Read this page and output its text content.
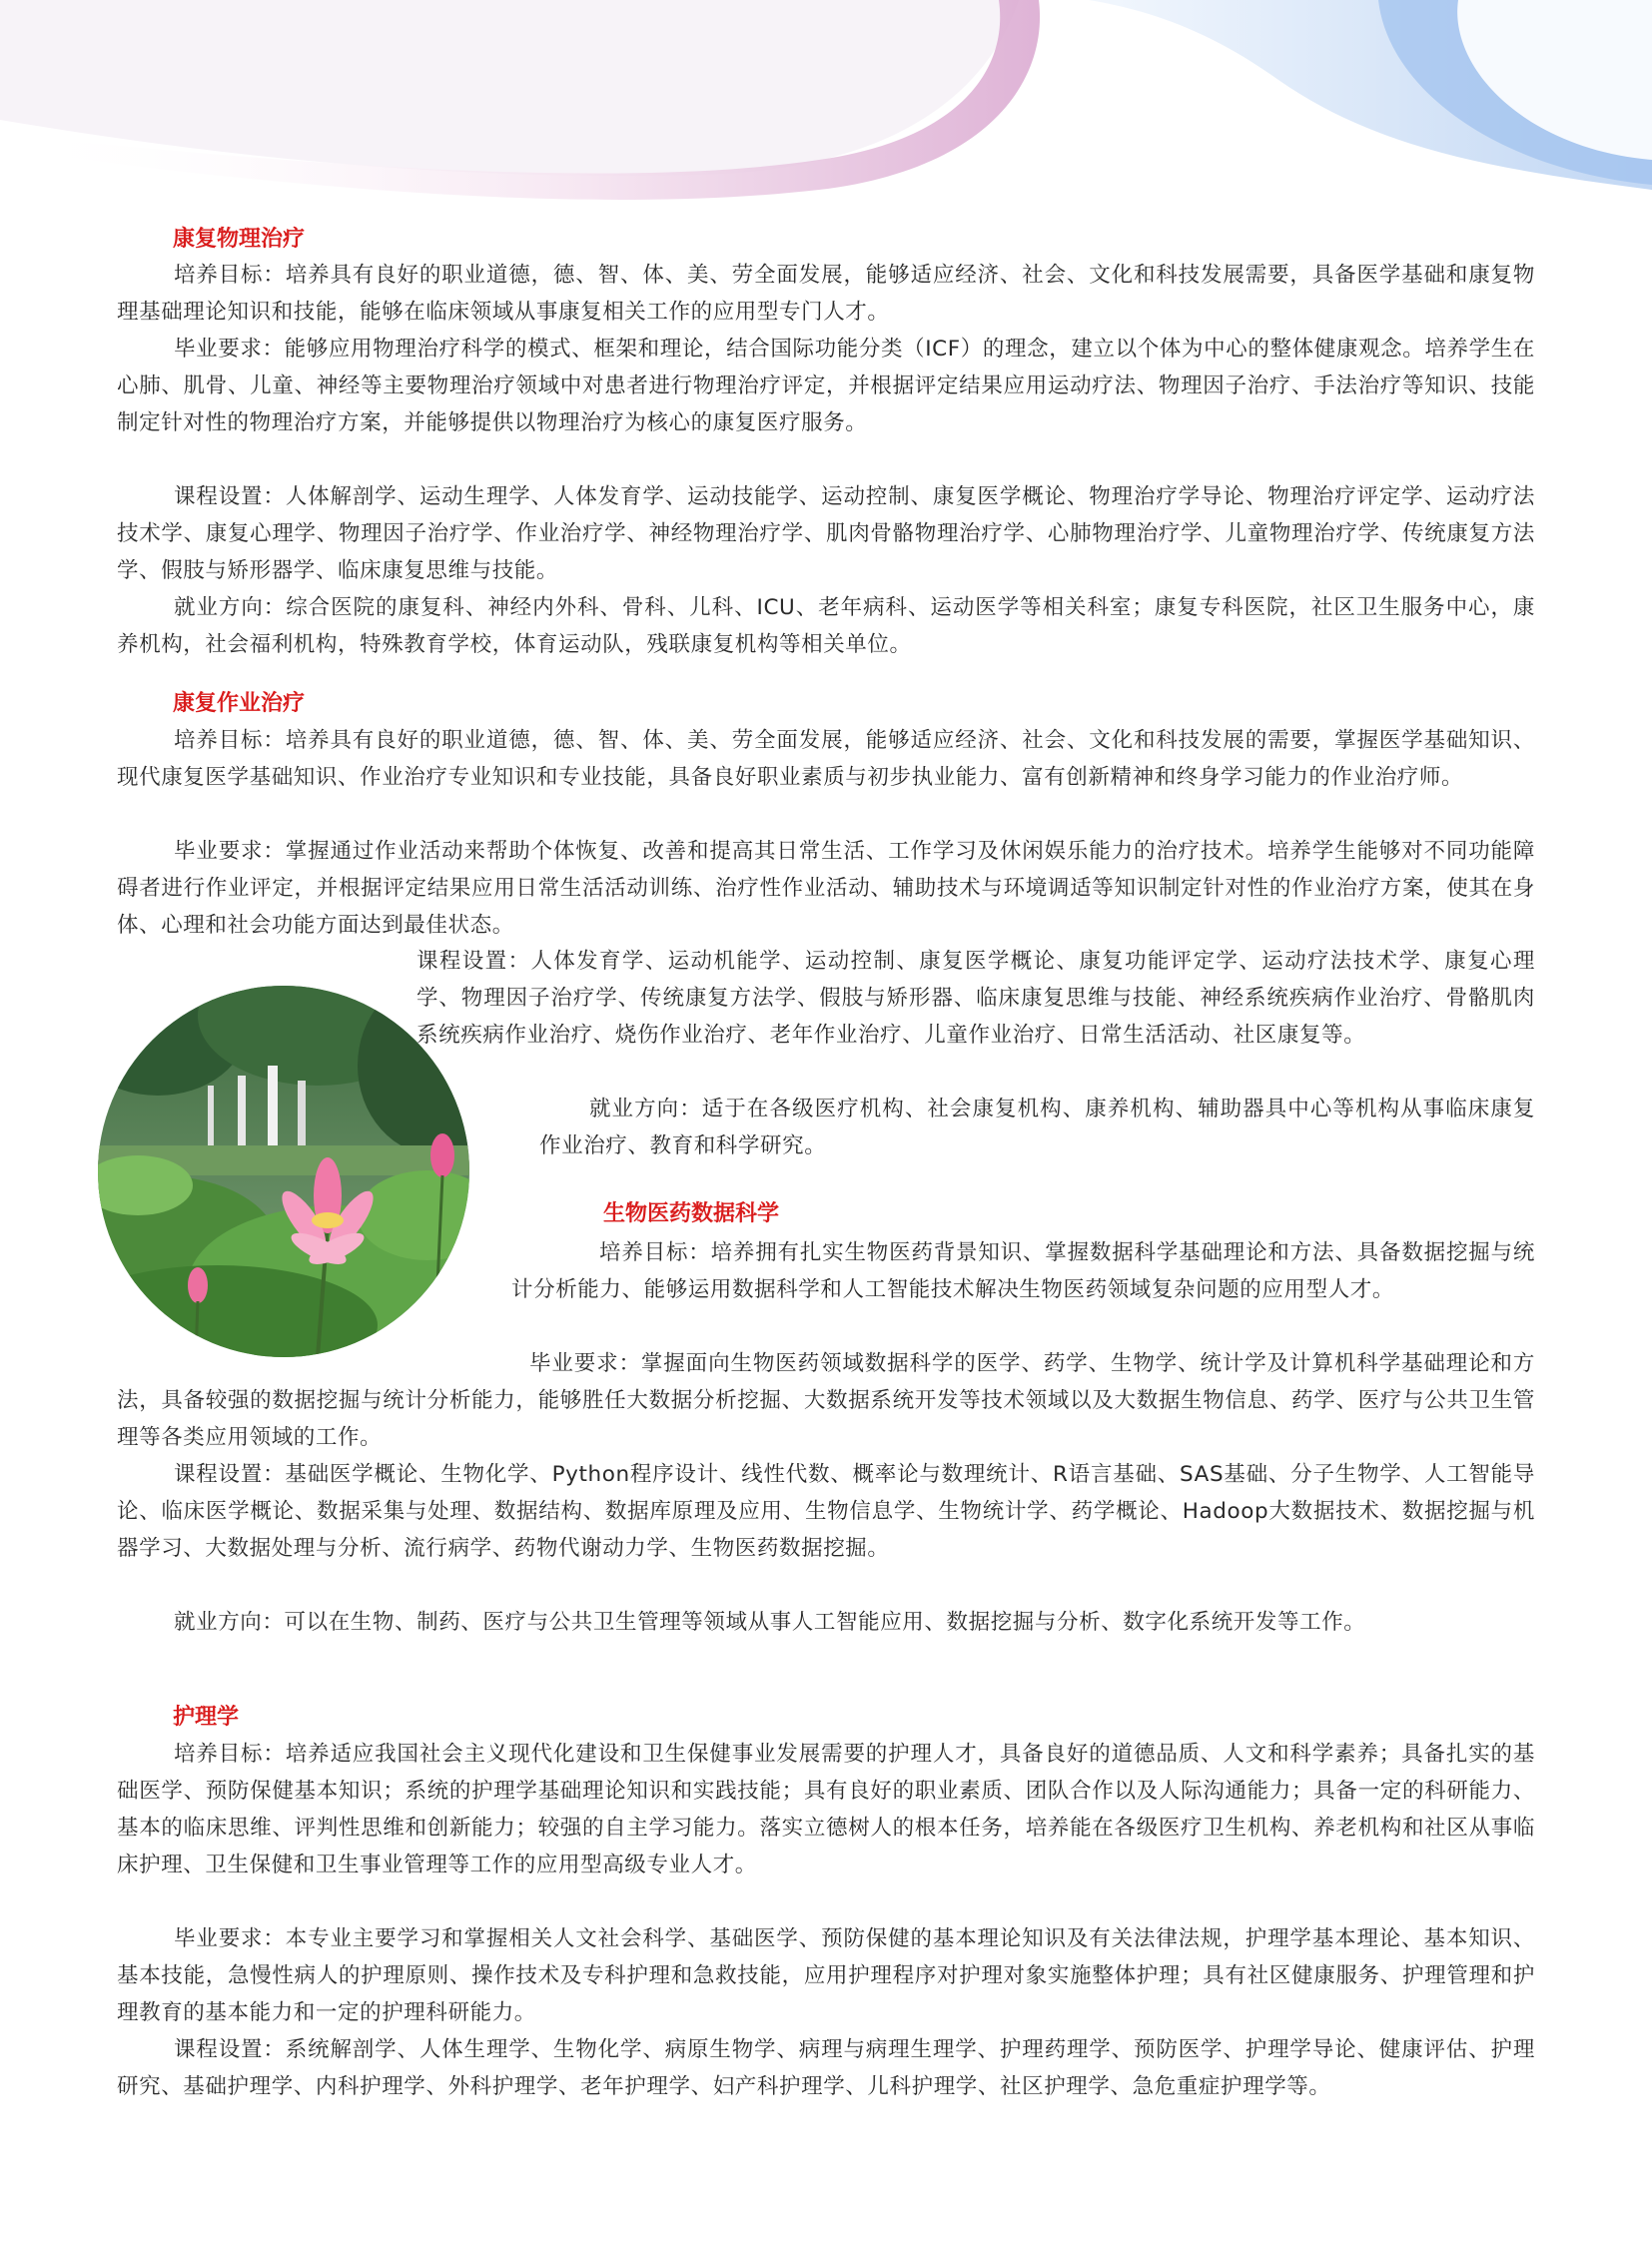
康复物理治疗

培养目标：培养具有良好的职业道德，德、智、体、美、劳全面发展，能够适应经济、社会、文化和科技发展需要，具备医学基础和康复物理基础理论知识和技能，能够在临床领域从事康复相关工作的应用型专门人才。

毕业要求：能够应用物理治疗科学的模式、框架和理论，结合国际功能分类（ICF）的理念，建立以个体为中心的整体健康观念。培养学生在心肺、肌骨、儿童、神经等主要物理治疗领域中对患者进行物理治疗评定，并根据评定结果应用运动疗法、物理因子治疗、手法治疗等知识、技能制定针对性的物理治疗方案，并能够提供以物理治疗为核心的康复医疗服务。

课程设置：人体解剖学、运动生理学、人体发育学、运动技能学、运动控制、康复医学概论、物理治疗学导论、物理治疗评定学、运动疗法技术学、康复心理学、物理因子治疗学、作业治疗学、神经物理治疗学、肌肉骨骼物理治疗学、心肺物理治疗学、儿童物理治疗学、传统康复方法学、假肢与矫形器学、临床康复思维与技能。

就业方向：综合医院的康复科、神经内外科、骨科、儿科、ICU、老年病科、运动医学等相关科室；康复专科医院，社区卫生服务中心，康养机构，社会福利机构，特殊教育学校，体育运动队，残联康复机构等相关单位。

康复作业治疗

培养目标：培养具有良好的职业道德，德、智、体、美、劳全面发展，能够适应经济、社会、文化和科技发展的需要，掌握医学基础知识、现代康复医学基础知识、作业治疗专业知识和专业技能，具备良好职业素质与初步执业能力、富有创新精神和终身学习能力的作业治疗师。

毕业要求：掌握通过作业活动来帮助个体恢复、改善和提高其日常生活、工作学习及休闲娱乐能力的治疗技术。培养学生能够对不同功能障碍者进行作业评定，并根据评定结果应用日常生活活动训练、治疗性作业活动、辅助技术与环境调适等知识制定针对性的作业治疗方案，使其在身体、心理和社会功能方面达到最佳状态。

课程设置：人体发育学、运动机能学、运动控制、康复医学概论、康复功能评定学、运动疗法技术学、康复心理学、物理因子治疗学、传统康复方法学、假肢与矫形器、临床康复思维与技能、神经系统疾病作业治疗、骨骼肌肉系统疾病作业治疗、烧伤作业治疗、老年作业治疗、儿童作业治疗、日常生活活动、社区康复等。

就业方向：适于在各级医疗机构、社会康复机构、康养机构、辅助器具中心等机构从事临床康复作业治疗、教育和科学研究。

生物医药数据科学

培养目标：培养拥有扎实生物医药背景知识、掌握数据科学基础理论和方法、具备数据挖掘与统计分析能力、能够运用数据科学和人工智能技术解决生物医药领域复杂问题的应用型人才。

毕业要求：掌握面向生物医药领域数据科学的医学、药学、生物学、统计学及计算机科学基础理论和方法，具备较强的数据挖掘与统计分析能力，能够胜任大数据分析挖掘、大数据系统开发等技术领域以及大数据生物信息、药学、医疗与公共卫生管理等各类应用领域的工作。

课程设置：基础医学概论、生物化学、Python程序设计、线性代数、概率论与数理统计、R语言基础、SAS基础、分子生物学、人工智能导论、临床医学概论、数据采集与处理、数据结构、数据库原理及应用、生物信息学、生物统计学、药学概论、Hadoop大数据技术、数据挖掘与机器学习、大数据处理与分析、流行病学、药物代谢动力学、生物医药数据挖掘。

就业方向：可以在生物、制药、医疗与公共卫生管理等领域从事人工智能应用、数据挖掘与分析、数字化系统开发等工作。

护理学

培养目标：培养适应我国社会主义现代化建设和卫生保健事业发展需要的护理人才，具备良好的道德品质、人文和科学素养；具备扎实的基础医学、预防保健基本知识；系统的护理学基础理论知识和实践技能；具有良好的职业素质、团队合作以及人际沟通能力；具备一定的科研能力、基本的临床思维、评判性思维和创新能力；较强的自主学习能力。落实立德树人的根本任务，培养能在各级医疗卫生机构、养老机构和社区从事临床护理、卫生保健和卫生事业管理等工作的应用型高级专业人才。

毕业要求：本专业主要学习和掌握相关人文社会科学、基础医学、预防保健的基本理论知识及有关法律法规，护理学基本理论、基本知识、基本技能，急慢性病人的护理原则、操作技术及专科护理和急救技能，应用护理程序对护理对象实施整体护理；具有社区健康服务、护理管理和护理教育的基本能力和一定的护理科研能力。

课程设置：系统解剖学、人体生理学、生物化学、病原生物学、病理与病理生理学、护理药理学、预防医学、护理学导论、健康评估、护理研究、基础护理学、内科护理学、外科护理学、老年护理学、妇产科护理学、儿科护理学、社区护理学、急危重症护理学等。
